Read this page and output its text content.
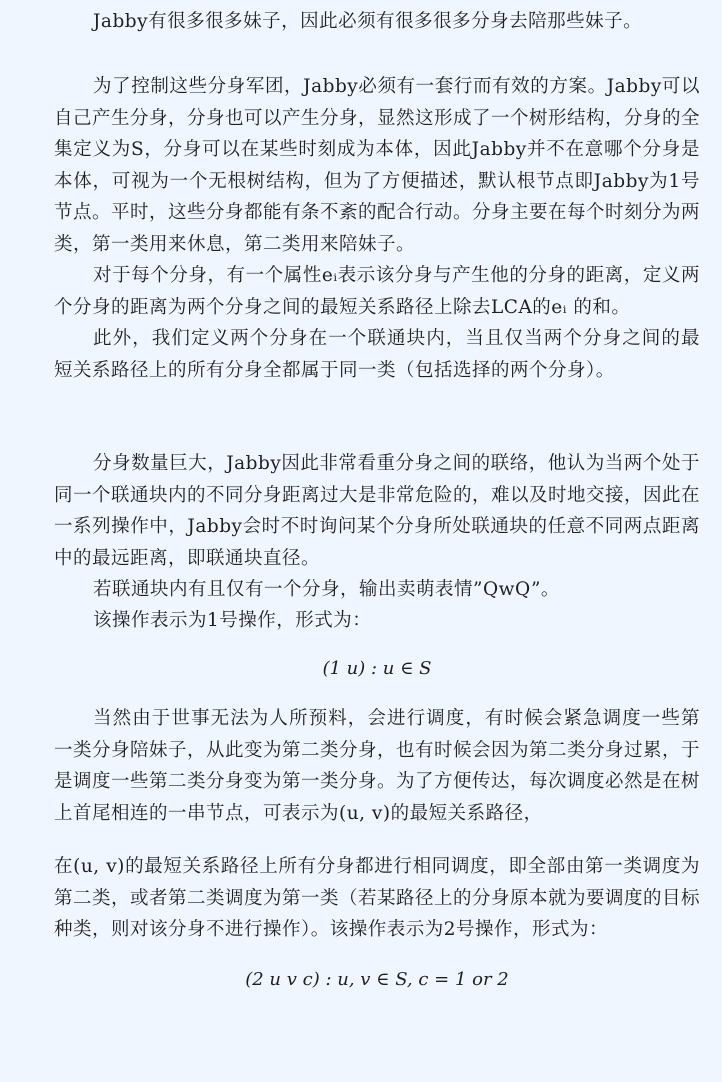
Jabby有很多很多妹子，因此必须有很多很多分身去陪那些妹子。

为了控制这些分身军团，Jabby必须有一套行而有效的方案。Jabby可以自己产生分身，分身也可以产生分身，显然这形成了一个树形结构，分身的全集定义为S，分身可以在某些时刻成为本体，因此Jabby并不在意哪个分身是本体，可视为一个无根树结构，但为了方便描述，默认根节点即Jabby为1号节点。平时，这些分身都能有条不紊的配合行动。分身主要在每个时刻分为两类，第一类用来休息，第二类用来陪妹子。

对于每个分身，有一个属性eᵢ表示该分身与产生他的分身的距离，定义两个分身的距离为两个分身之间的最短关系路径上除去LCA的eᵢ 的和。

此外，我们定义两个分身在一个联通块内，当且仅当两个分身之间的最短关系路径上的所有分身全都属于同一类（包括选择的两个分身）。

分身数量巨大，Jabby因此非常看重分身之间的联络，他认为当两个处于同一个联通块内的不同分身距离过大是非常危险的，难以及时地交接，因此在一系列操作中，Jabby会时不时询问某个分身所处联通块的任意不同两点距离中的最远距离，即联通块直径。

若联通块内有且仅有一个分身，输出卖萌表情”QwQ”。

该操作表示为1号操作，形式为：

(1 u) : u ∈ S

当然由于世事无法为人所预料，会进行调度，有时候会紧急调度一些第一类分身陪妹子，从此变为第二类分身，也有时候会因为第二类分身过累，于是调度一些第二类分身变为第一类分身。为了方便传达，每次调度必然是在树上首尾相连的一串节点，可表示为(u, v)的最短关系路径，

在(u, v)的最短关系路径上所有分身都进行相同调度，即全部由第一类调度为第二类，或者第二类调度为第一类（若某路径上的分身原本就为要调度的目标种类，则对该分身不进行操作）。该操作表示为2号操作，形式为：

(2 u v c) : u, v ∈ S, c = 1 or 2
